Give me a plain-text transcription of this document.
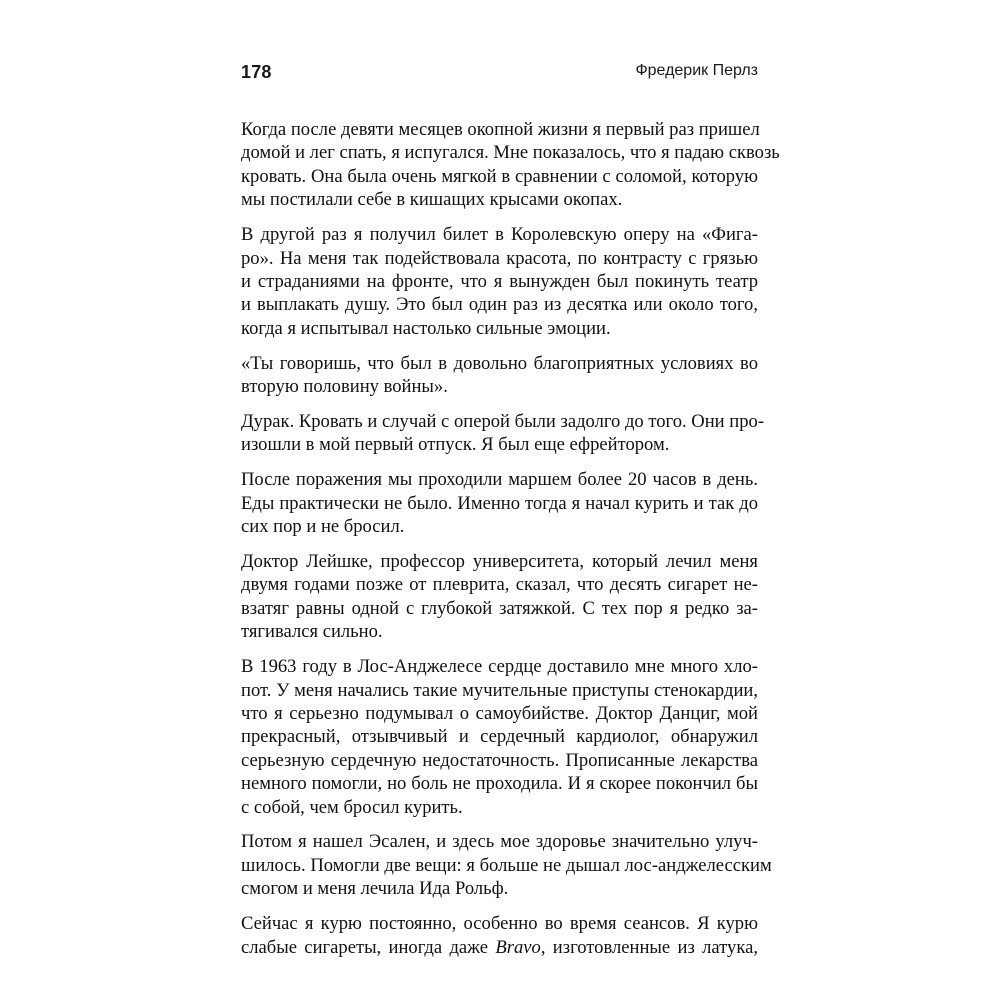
178	Фредерик Перлз

Когда после девяти месяцев окопной жизни я первый раз пришел
домой и лег спать, я испугался. Мне показалось, что я падаю сквозь
кровать. Она была очень мягкой в сравнении с соломой, которую
мы постилали себе в кишащих крысами окопах.

В другой раз я получил билет в Королевскую оперу на «Фига-
ро». На меня так подействовала красота, по контрасту с грязью
и страданиями на фронте, что я вынужден был покинуть театр
и выплакать душу. Это был один раз из десятка или около того,
когда я испытывал настолько сильные эмоции.

«Ты говоришь, что был в довольно благоприятных условиях во
вторую половину войны».

Дурак. Кровать и случай с оперой были задолго до того. Они про-
изошли в мой первый отпуск. Я был еще ефрейтором.

После поражения мы проходили маршем более 20 часов в день.
Еды практически не было. Именно тогда я начал курить и так до
сих пор и не бросил.

Доктор Лейшке, профессор университета, который лечил меня
двумя годами позже от плеврита, сказал, что десять сигарет не-
взатяг равны одной с глубокой затяжкой. С тех пор я редко за-
тягивался сильно.

В 1963 году в Лос-Анджелесе сердце доставило мне много хло-
пот. У меня начались такие мучительные приступы стенокардии,
что я серьезно подумывал о самоубийстве. Доктор Данциг, мой
прекрасный, отзывчивый и сердечный кардиолог, обнаружил
серьезную сердечную недостаточность. Прописанные лекарства
немного помогли, но боль не проходила. И я скорее покончил бы
с собой, чем бросил курить.

Потом я нашел Эсален, и здесь мое здоровье значительно улуч-
шилось. Помогли две вещи: я больше не дышал лос-анджелесским
смогом и меня лечила Ида Рольф.

Сейчас я курю постоянно, особенно во время сеансов. Я курю
слабые сигареты, иногда даже Bravo, изготовленные из латука,
